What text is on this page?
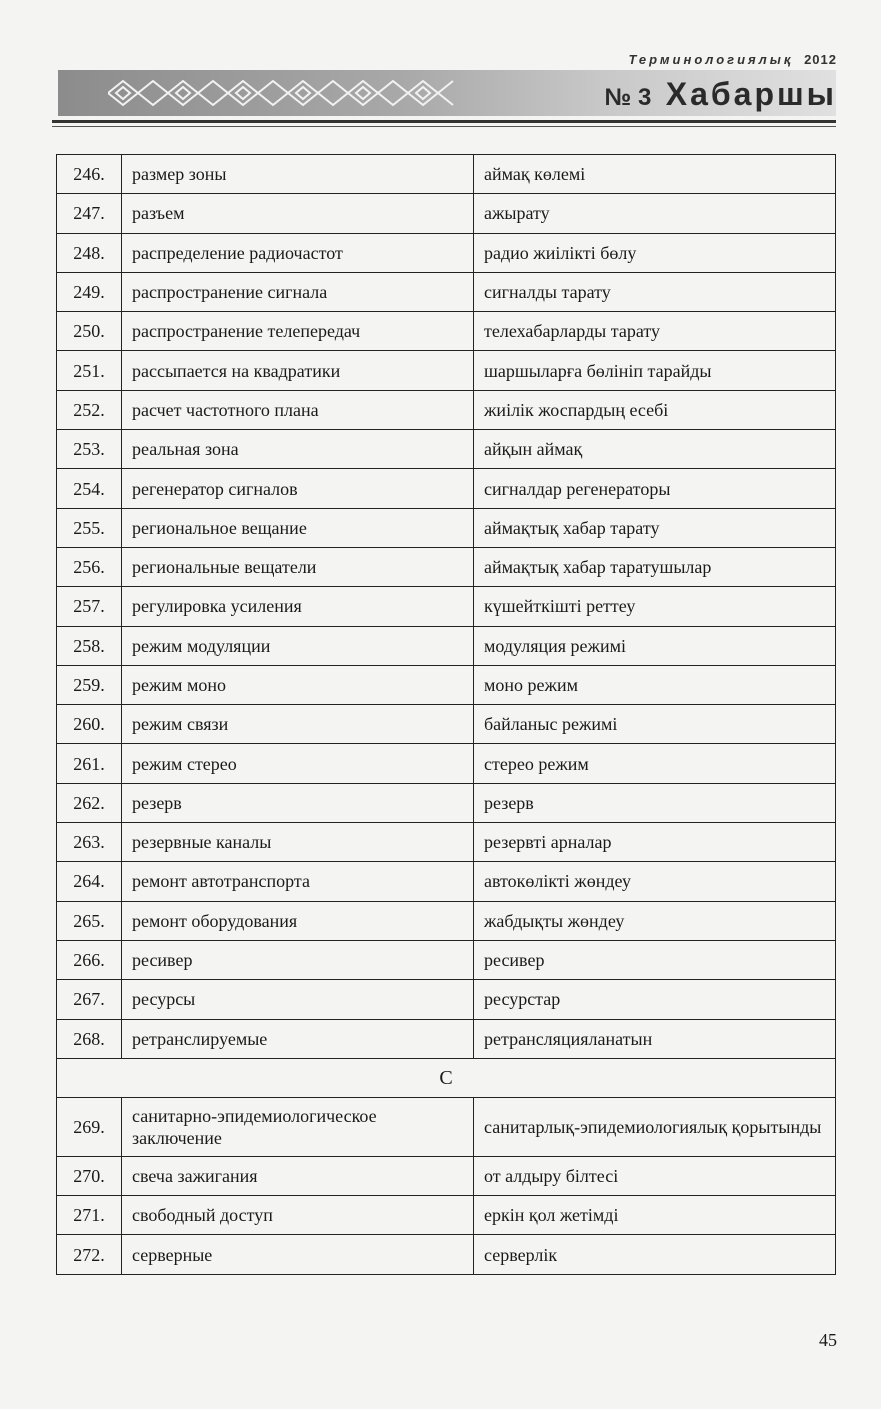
Терминологиялық 2012
№ 3 Хабаршы
246.	размер зоны	аймақ көлемі
247.	разъем	ажырату
248.	распределение радиочастот	радио жиілікті бөлу
249.	распространение сигнала	сигналды тарату
250.	распространение телепередач	телехабарларды тарату
251.	рассыпается на квадратики	шаршыларға бөлініп тарайды
252.	расчет частотного плана	жиілік жоспардың есебі
253.	реальная зона	айқын аймақ
254.	регенератор сигналов	сигналдар регенераторы
255.	региональное вещание	аймақтық хабар тарату
256.	региональные вещатели	аймақтық хабар таратушылар
257.	регулировка усиления	күшейткішті реттеу
258.	режим модуляции	модуляция режимі
259.	режим моно	моно режим
260.	режим связи	байланыс режимі
261.	режим стерео	стерео режим
262.	резерв	резерв
263.	резервные каналы	резервті арналар
264.	ремонт автотранспорта	автокөлікті жөндеу
265.	ремонт оборудования	жабдықты жөндеу
266.	ресивер	ресивер
267.	ресурсы	ресурстар
268.	ретранслируемые	ретрансляцияланатын
С		
269.	санитарно-эпидемиологическое заключение	санитарлық-эпидемиологиялық қорытынды
270.	свеча зажигания	от алдыру білтесі
271.	свободный доступ	еркін қол жетімді
272.	серверные	серверлік
45
